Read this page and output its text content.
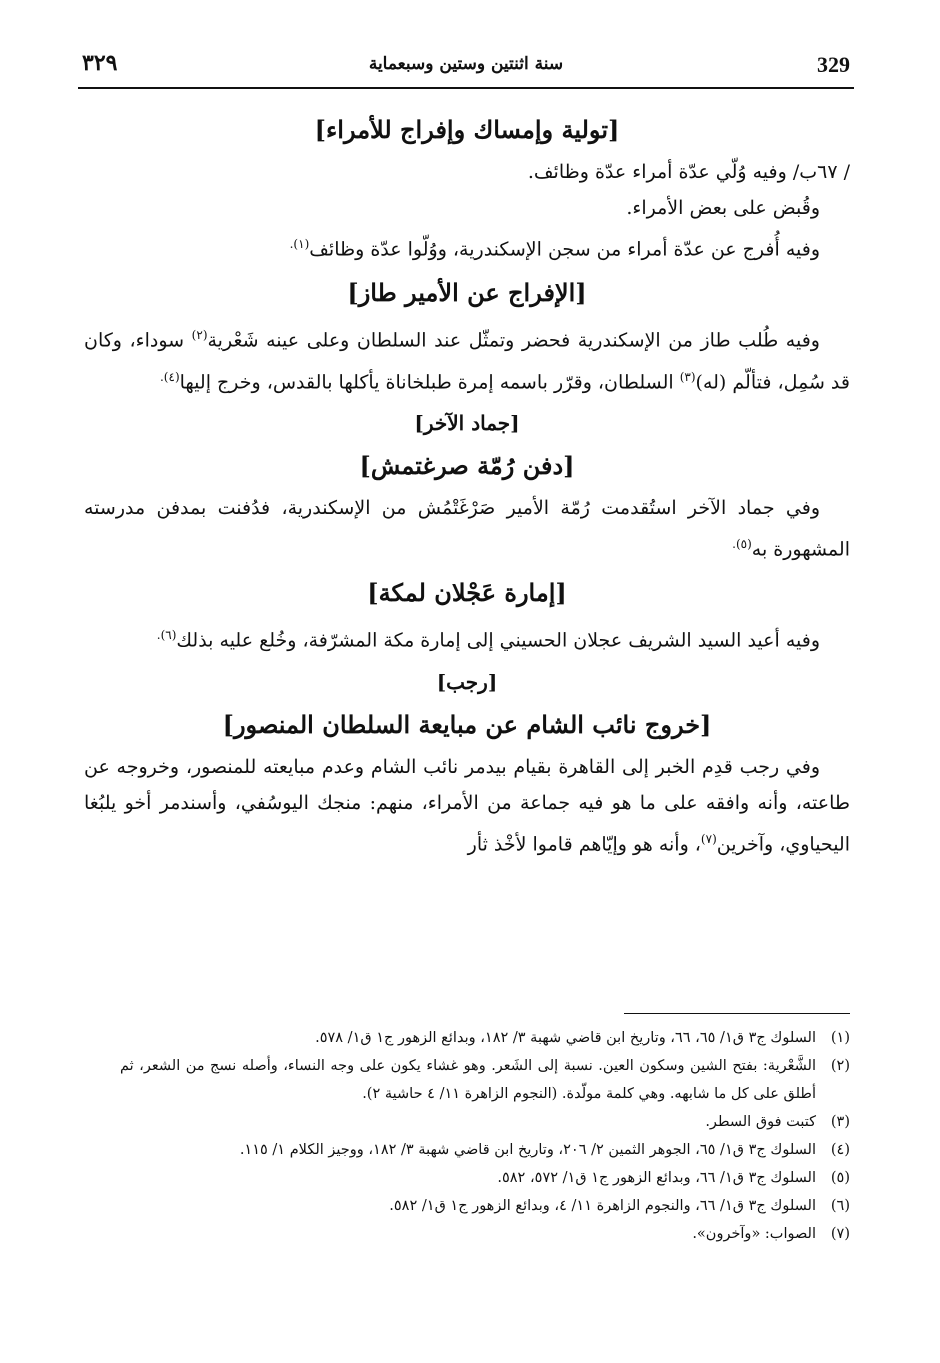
329
سنة اثنتين وستين وسبعماية
٣٢٩
[تولية وإمساك وإفراج للأمراء]

/ ٦٧ب/ وفيه وُلّي عدّة أمراء عدّة وظائف.

وقُبض على بعض الأمراء.

وفيه أُفرج عن عدّة أمراء من سجن الإسكندرية، ووُلّوا عدّة وظائف$^{(١).}$

[الإفراج عن الأمير طاز]

وفيه طُلب طاز من الإسكندرية فحضر وتمثّل عند السلطان وعلى عينه شَعْرية$^{(٢)}$ سوداء، وكان قد سُمِل، فتألّم (له)$^{(٣)}$ السلطان، وقرّر باسمه إمرة طبلخاناة يأكلها بالقدس، وخرج إليها$^{(٤).}$

[جماد الآخر]
[دفن رُمّة صرغتمش]

وفي جماد الآخر استُقدمت رُمّة الأمير صَرْغَتْمُش من الإسكندرية، فدُفنت بمدفن مدرسته المشهورة به$^{(٥).}$

[إمارة عَجْلان لمكة]

وفيه أعيد السيد الشريف عجلان الحسيني إلى إمارة مكة المشرّفة، وخُلع عليه بذلك$^{(٦).}$

[رجب]
[خروج نائب الشام عن مبايعة السلطان المنصور]

وفي رجب قدِم الخبر إلى القاهرة بقيام بيدمر نائب الشام وعدم مبايعته للمنصور، وخروجه عن طاعته، وأنه وافقه على ما هو فيه جماعة من الأمراء، منهم: منجك اليوسُفي، وأسندمر أخو يلبُغا اليحياوي، وآخرين$^{(٧)}$، وأنه هو وإيّاهم قاموا لأخْذ ثأر

(١)
السلوك ج٣ ق١/ ٦٥، ٦٦، وتاريخ ابن قاضي شهبة ٣/ ١٨٢، وبدائع الزهور ج١ ق١/ ٥٧٨.

(٢)
الشَّعْرية: بفتح الشين وسكون العين. نسبة إلى الشَعر. وهو غشاء يكون على وجه النساء، وأصله نسج من الشعر، ثم أطلق على كل ما شابهه. وهي كلمة مولّدة. (النجوم الزاهرة ١١/ ٤ حاشية ٢).

(٣)
كتبت فوق السطر.

(٤)
السلوك ج٣ ق١/ ٦٥، الجوهر الثمين ٢/ ٢٠٦، وتاريخ ابن قاضي شهبة ٣/ ١٨٢، ووجيز الكلام ١/ ١١٥.

(٥)
السلوك ج٣ ق١/ ٦٦، وبدائع الزهور ج١ ق١/ ٥٧٢، ٥٨٢.

(٦)
السلوك ج٣ ق١/ ٦٦، والنجوم الزاهرة ١١/ ٤، وبدائع الزهور ج١ ق١/ ٥٨٢.

(٧)
الصواب: «وآخرون».
